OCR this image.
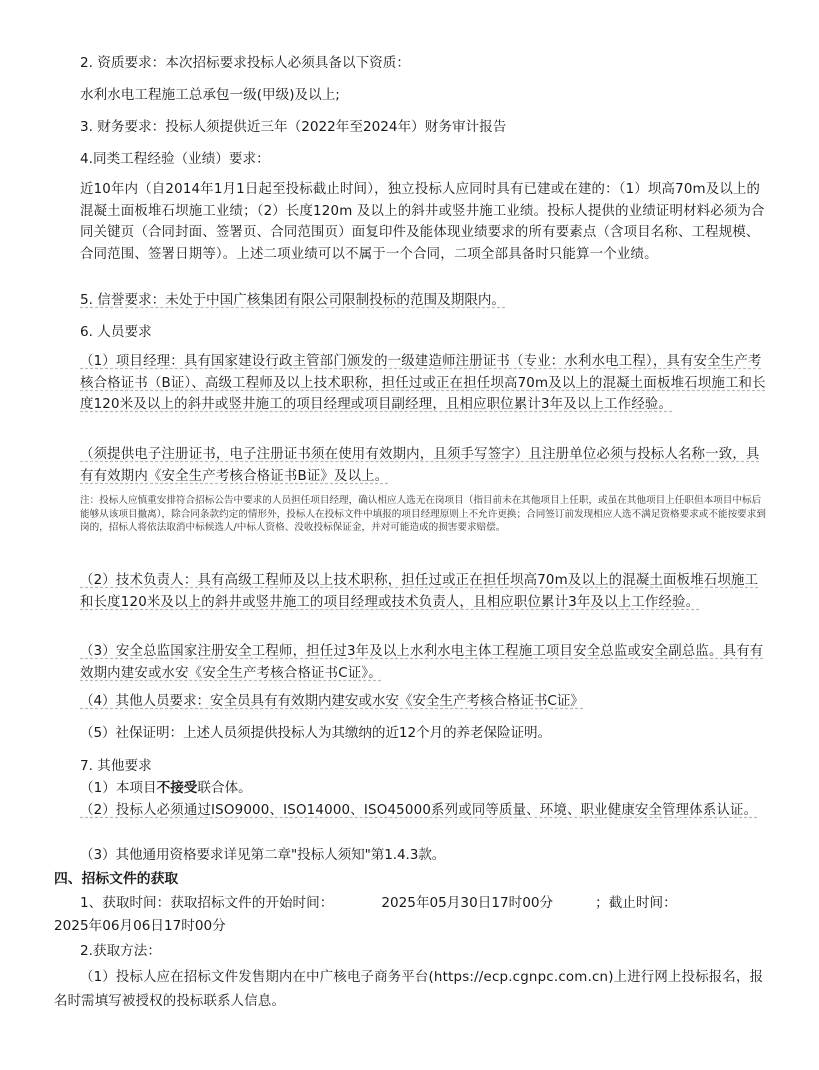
2. 资质要求：本次招标要求投标人必须具备以下资质：

水利水电工程施工总承包一级(甲级)及以上;

3. 财务要求：投标人须提供近三年（2022年至2024年）财务审计报告

4.同类工程经验（业绩）要求：

近10年内（自2014年1月1日起至投标截止时间），独立投标人应同时具有已建或在建的：（1）坝高70m及以上的混凝土面板堆石坝施工业绩；（2）长度120m 及以上的斜井或竖井施工业绩。投标人提供的业绩证明材料必须为合同关键页（合同封面、签署页、合同范围页）面复印件及能体现业绩要求的所有要素点（含项目名称、工程规模、合同范围、签署日期等）。上述二项业绩可以不属于一个合同，二项全部具备时只能算一个业绩。

5. 信誉要求：未处于中国广核集团有限公司限制投标的范围及期限内。

6. 人员要求

（1）项目经理：具有国家建设行政主管部门颁发的一级建造师注册证书（专业：水利水电工程），具有安全生产考核合格证书（B证）、高级工程师及以上技术职称，担任过或正在担任坝高70m及以上的混凝土面板堆石坝施工和长度120米及以上的斜井或竖井施工的项目经理或项目副经理，且相应职位累计3年及以上工作经验。

（须提供电子注册证书，电子注册证书须在使用有效期内，且须手写签字）且注册单位必须与投标人名称一致，具有有效期内《安全生产考核合格证书B证》及以上。

注：投标人应慎重安排符合招标公告中要求的人员担任项目经理，确认相应人选无在岗项目（指目前未在其他项目上任职，或虽在其他项目上任职但本项目中标后能够从该项目撤离），除合同条款约定的情形外，投标人在投标文件中填报的项目经理原则上不允许更换；合同签订前发现相应人选不满足资格要求或不能按要求到岗的，招标人将依法取消中标候选人/中标人资格、没收投标保证金，并对可能造成的损害要求赔偿。

（2）技术负责人：具有高级工程师及以上技术职称，担任过或正在担任坝高70m及以上的混凝土面板堆石坝施工和长度120米及以上的斜井或竖井施工的项目经理或技术负责人，且相应职位累计3年及以上工作经验。

（3）安全总监国家注册安全工程师，担任过3年及以上水利水电主体工程施工项目安全总监或安全副总监。具有有效期内建安或水安《安全生产考核合格证书C证》。

（4）其他人员要求：安全员具有有效期内建安或水安《安全生产考核合格证书C证》

（5）社保证明：上述人员须提供投标人为其缴纳的近12个月的养老保险证明。

7. 其他要求

（1）本项目不接受联合体。

（2）投标人必须通过ISO9000、ISO14000、ISO45000系列或同等质量、环境、职业健康安全管理体系认证。

（3）其他通用资格要求详见第二章"投标人须知"第1.4.3款。

四、招标文件的获取

1、获取时间：获取招标文件的开始时间：	2025年05月30日17时00分	；截止时间：

2025年06月06日17时00分

2.获取方法：

（1）投标人应在招标文件发售期内在中广核电子商务平台(https://ecp.cgnpc.com.cn)上进行网上投标报名，报名时需填写被授权的投标联系人信息。
